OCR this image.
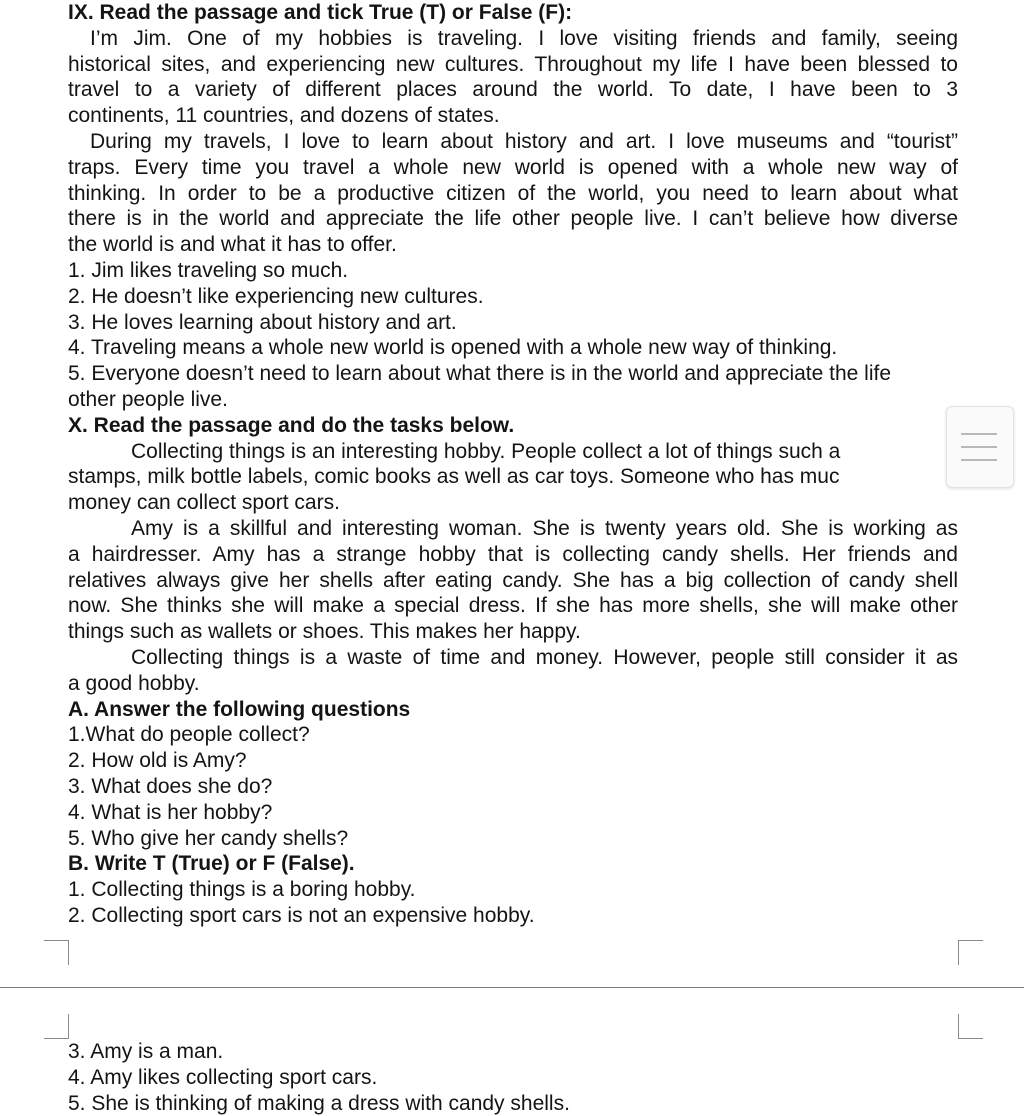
IX. Read the passage and tick True (T) or False (F):
I’m Jim. One of my hobbies is traveling. I love visiting friends and family, seeing
historical sites, and experiencing new cultures. Throughout my life I have been blessed to
travel to a variety of different places around the world. To date, I have been to 3
continents, 11 countries, and dozens of states.
During my travels, I love to learn about history and art. I love museums and “tourist”
traps. Every time you travel a whole new world is opened with a whole new way of
thinking. In order to be a productive citizen of the world, you need to learn about what
there is in the world and appreciate the life other people live. I can’t believe how diverse
the world is and what it has to offer.
1. Jim likes traveling so much.
2. He doesn’t like experiencing new cultures.
3. He loves learning about history and art.
4. Traveling means a whole new world is opened with a whole new way of thinking.
5. Everyone doesn’t need to learn about what there is in the world and appreciate the life
other people live.
X. Read the passage and do the tasks below.
Collecting things is an interesting hobby. People collect a lot of things such a
stamps, milk bottle labels, comic books as well as car toys. Someone who has muc
money can collect sport cars.
Amy is a skillful and interesting woman. She is twenty years old. She is working as
a hairdresser. Amy has a strange hobby that is collecting candy shells. Her friends and
relatives always give her shells after eating candy. She has a big collection of candy shell
now. She thinks she will make a special dress. If she has more shells, she will make other
things such as wallets or shoes. This makes her happy.
Collecting things is a waste of time and money. However, people still consider it as
a good hobby.
A. Answer the following questions
1.What do people collect?
2. How old is Amy?
3. What does she do?
4. What is her hobby?
5. Who give her candy shells?
B. Write T (True) or F (False).
1. Collecting things is a boring hobby.
2. Collecting sport cars is not an expensive hobby.
3. Amy is a man.
4. Amy likes collecting sport cars.
5. She is thinking of making a dress with candy shells.
